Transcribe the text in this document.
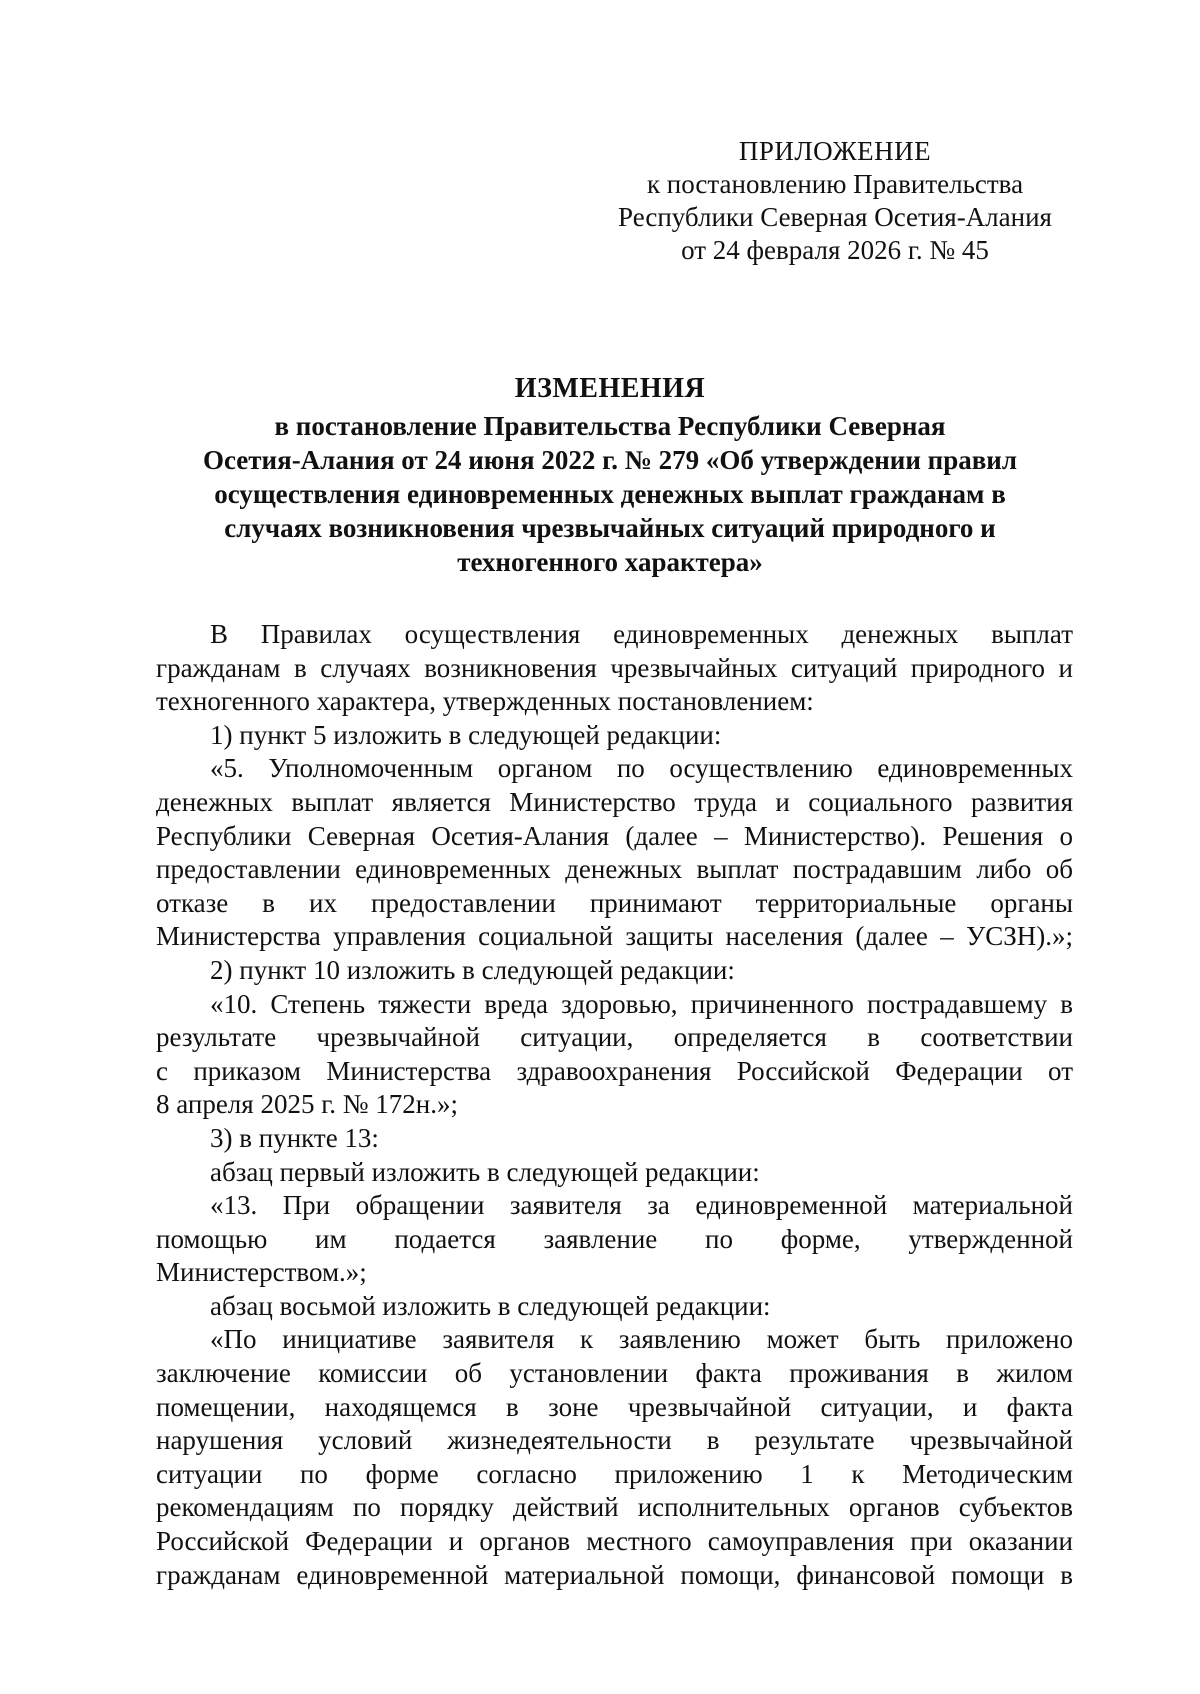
ПРИЛОЖЕНИЕ
к постановлению Правительства
Республики Северная Осетия-Алания
от 24 февраля 2026 г. № 45
ИЗМЕНЕНИЯ
в постановление Правительства Республики Северная
Осетия-Алания от 24 июня 2022 г. № 279 «Об утверждении правил
осуществления единовременных денежных выплат гражданам в
случаях возникновения чрезвычайных ситуаций природного и
техногенного характера»
В Правилах осуществления единовременных денежных выплат
гражданам в случаях возникновения чрезвычайных ситуаций природного и
техногенного характера, утвержденных постановлением:
1) пункт 5 изложить в следующей редакции:
«5. Уполномоченным органом по осуществлению единовременных
денежных выплат является Министерство труда и социального развития
Республики Северная Осетия-Алания (далее – Министерство). Решения о
предоставлении единовременных денежных выплат пострадавшим либо об
отказе в их предоставлении принимают территориальные органы
Министерства управления социальной защиты населения (далее – УСЗН).»;
2) пункт 10 изложить в следующей редакции:
«10. Степень тяжести вреда здоровью, причиненного пострадавшему в
результате чрезвычайной ситуации, определяется в соответствии
с приказом Министерства здравоохранения Российской Федерации от
8 апреля 2025 г. № 172н.»;
3) в пункте 13:
абзац первый изложить в следующей редакции:
«13. При обращении заявителя за единовременной материальной
помощью им подается заявление по форме, утвержденной
Министерством.»;
абзац восьмой изложить в следующей редакции:
«По инициативе заявителя к заявлению может быть приложено
заключение комиссии об установлении факта проживания в жилом
помещении, находящемся в зоне чрезвычайной ситуации, и факта
нарушения условий жизнедеятельности в результате чрезвычайной
ситуации по форме согласно приложению 1 к Методическим
рекомендациям по порядку действий исполнительных органов субъектов
Российской Федерации и органов местного самоуправления при оказании
гражданам единовременной материальной помощи, финансовой помощи в
